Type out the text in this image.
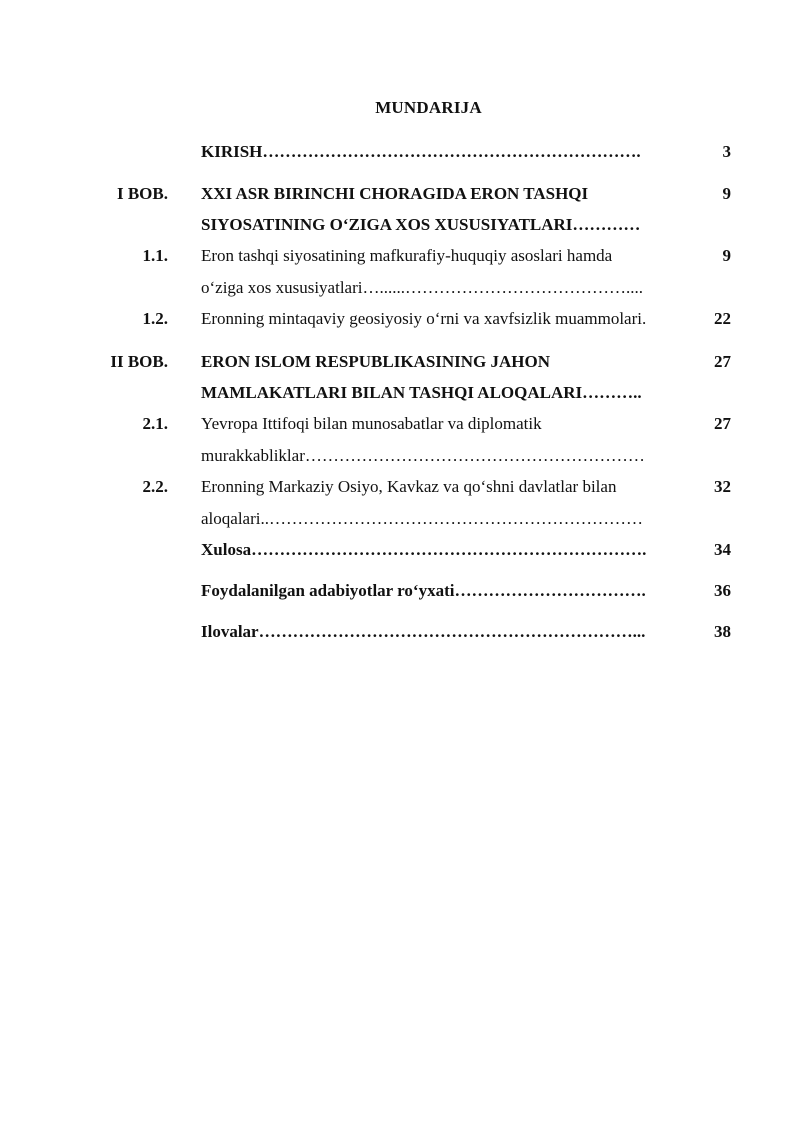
MUNDARIJA
KIRISH………………………………………………………….	3
I BOB. XXI ASR BIRINCHI CHORAGIDA ERON TASHQI	9
SIYOSATINING O‘ZIGA XOS XUSUSIYATLARI…………
1.1. Eron tashqi siyosatining mafkurafiy-huquqiy asoslari hamda	9
o‘ziga xos xususiyatlari…......…………………………………....
1.2. Eronning mintaqaviy geosiyosiy o‘rni va xavfsizlik muammolari.	22
II BOB. ERON ISLOM RESPUBLIKASINING JAHON	27
MAMLAKATLARI BILAN TASHQI ALOQALARI………..
2.1. Yevropa Ittifoqi bilan munosabatlar va diplomatik	27
murakkabliklar……………………………………………………
2.2. Eronning Markaziy Osiyo, Kavkaz va qo‘shni davlatlar bilan	32
aloqalari..…………………………………………………………
Xulosa…………………………………………………………….	34
Foydalanilgan adabiyotlar ro‘yxati…………………………….	36
Ilovalar…………………………………………………………...	38
